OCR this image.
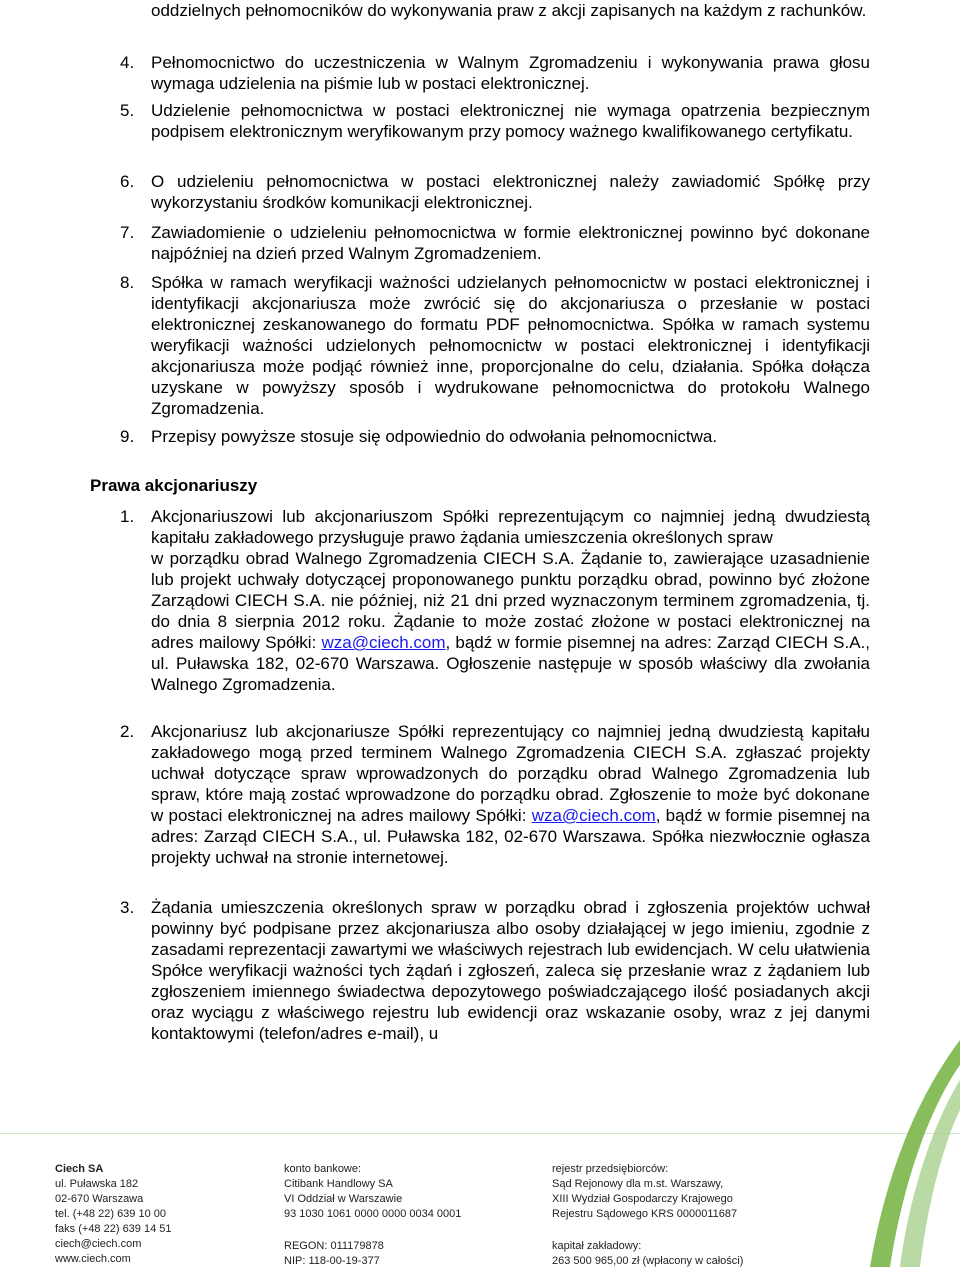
oddzielnych pełnomocników do wykonywania praw z akcji zapisanych na każdym z rachunków.
4. Pełnomocnictwo do uczestniczenia w Walnym Zgromadzeniu i wykonywania prawa głosu wymaga udzielenia na piśmie lub w postaci elektronicznej.
5. Udzielenie pełnomocnictwa w postaci elektronicznej nie wymaga opatrzenia bezpiecznym podpisem elektronicznym weryfikowanym przy pomocy ważnego kwalifikowanego certyfikatu.
6. O udzieleniu pełnomocnictwa w postaci elektronicznej należy zawiadomić Spółkę przy wykorzystaniu środków komunikacji elektronicznej.
7. Zawiadomienie o udzieleniu pełnomocnictwa w formie elektronicznej powinno być dokonane najpóźniej na dzień przed Walnym Zgromadzeniem.
8. Spółka w ramach weryfikacji ważności udzielanych pełnomocnictw w postaci elektronicznej i identyfikacji akcjonariusza może zwrócić się do akcjonariusza o przesłanie w postaci elektronicznej zeskanowanego do formatu PDF pełnomocnictwa. Spółka w ramach systemu weryfikacji ważności udzielonych pełnomocnictw w postaci elektronicznej i identyfikacji akcjonariusza może podjąć również inne, proporcjonalne do celu, działania. Spółka dołącza uzyskane w powyższy sposób i wydrukowane pełnomocnictwa do protokołu Walnego Zgromadzenia.
9. Przepisy powyższe stosuje się odpowiednio do odwołania pełnomocnictwa.
Prawa akcjonariuszy
1. Akcjonariuszowi lub akcjonariuszom Spółki reprezentującym co najmniej jedną dwudziestą kapitału zakładowego przysługuje prawo żądania umieszczenia określonych spraw
w porządku obrad Walnego Zgromadzenia CIECH S.A. Żądanie to, zawierające uzasadnienie lub projekt uchwały dotyczącej proponowanego punktu porządku obrad, powinno być złożone Zarządowi CIECH S.A. nie później, niż 21 dni przed wyznaczonym terminem zgromadzenia, tj. do dnia 8 sierpnia 2012 roku. Żądanie to może zostać złożone w postaci elektronicznej na adres mailowy Spółki: wza@ciech.com, bądź w formie pisemnej na adres: Zarząd CIECH S.A., ul. Puławska 182, 02-670 Warszawa. Ogłoszenie następuje w sposób właściwy dla zwołania Walnego Zgromadzenia.
2. Akcjonariusz lub akcjonariusze Spółki reprezentujący co najmniej jedną dwudziestą kapitału zakładowego mogą przed terminem Walnego Zgromadzenia CIECH S.A. zgłaszać projekty uchwał dotyczące spraw wprowadzonych do porządku obrad Walnego Zgromadzenia lub spraw, które mają zostać wprowadzone do porządku obrad. Zgłoszenie to może być dokonane w postaci elektronicznej na adres mailowy Spółki: wza@ciech.com, bądź w formie pisemnej na adres: Zarząd CIECH S.A., ul. Puławska 182, 02-670 Warszawa. Spółka niezwłocznie ogłasza projekty uchwał na stronie internetowej.
3. Żądania umieszczenia określonych spraw w porządku obrad i zgłoszenia projektów uchwał powinny być podpisane przez akcjonariusza albo osoby działającej w jego imieniu, zgodnie z zasadami reprezentacji zawartymi we właściwych rejestrach lub ewidencjach. W celu ułatwienia Spółce weryfikacji ważności tych żądań i zgłoszeń, zaleca się przesłanie wraz z żądaniem lub zgłoszeniem imiennego świadectwa depozytowego poświadczającego ilość posiadanych akcji oraz wyciągu z właściwego rejestru lub ewidencji oraz wskazanie osoby, wraz z jej danymi kontaktowymi (telefon/adres e-mail), u
Ciech SA
ul. Puławska 182
02-670 Warszawa
tel. (+48 22) 639 10 00
faks (+48 22) 639 14 51
ciech@ciech.com
www.ciech.com
konto bankowe:
Citibank Handlowy SA
VI Oddział w Warszawie
93 1030 1061 0000 0000 0034 0001
REGON: 011179878
NIP: 118-00-19-377
rejestr przedsiębiorców:
Sąd Rejonowy dla m.st. Warszawy,
XIII Wydział Gospodarczy Krajowego
Rejestru Sądowego KRS 0000011687
kapitał zakładowy:
263 500 965,00 zł (wpłacony w całości)
